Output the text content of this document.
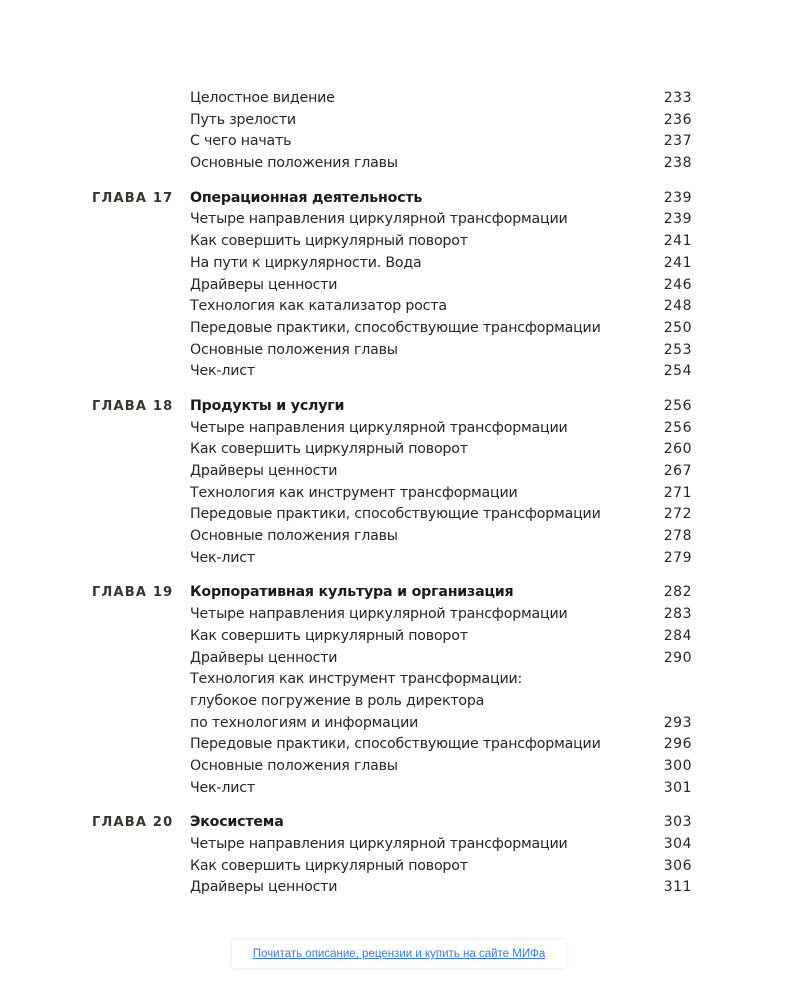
Целостное видение	233
Путь зрелости	236
С чего начать	237
Основные положения главы	238
ГЛАВА 17 Операционная деятельность	239
Четыре направления циркулярной трансформации	239
Как совершить циркулярный поворот	241
На пути к циркулярности. Вода	241
Драйверы ценности	246
Технология как катализатор роста	248
Передовые практики, способствующие трансформации	250
Основные положения главы	253
Чек-лист	254
ГЛАВА 18 Продукты и услуги	256
Четыре направления циркулярной трансформации	256
Как совершить циркулярный поворот	260
Драйверы ценности	267
Технология как инструмент трансформации	271
Передовые практики, способствующие трансформации	272
Основные положения главы	278
Чек-лист	279
ГЛАВА 19 Корпоративная культура и организация	282
Четыре направления циркулярной трансформации	283
Как совершить циркулярный поворот	284
Драйверы ценности	290
Технология как инструмент трансформации:
глубокое погружение в роль директора
по технологиям и информации	293
Передовые практики, способствующие трансформации	296
Основные положения главы	300
Чек-лист	301
ГЛАВА 20 Экосистема	303
Четыре направления циркулярной трансформации	304
Как совершить циркулярный поворот	306
Драйверы ценности	311
Почитать описание, рецензии и купить на сайте МИФа
